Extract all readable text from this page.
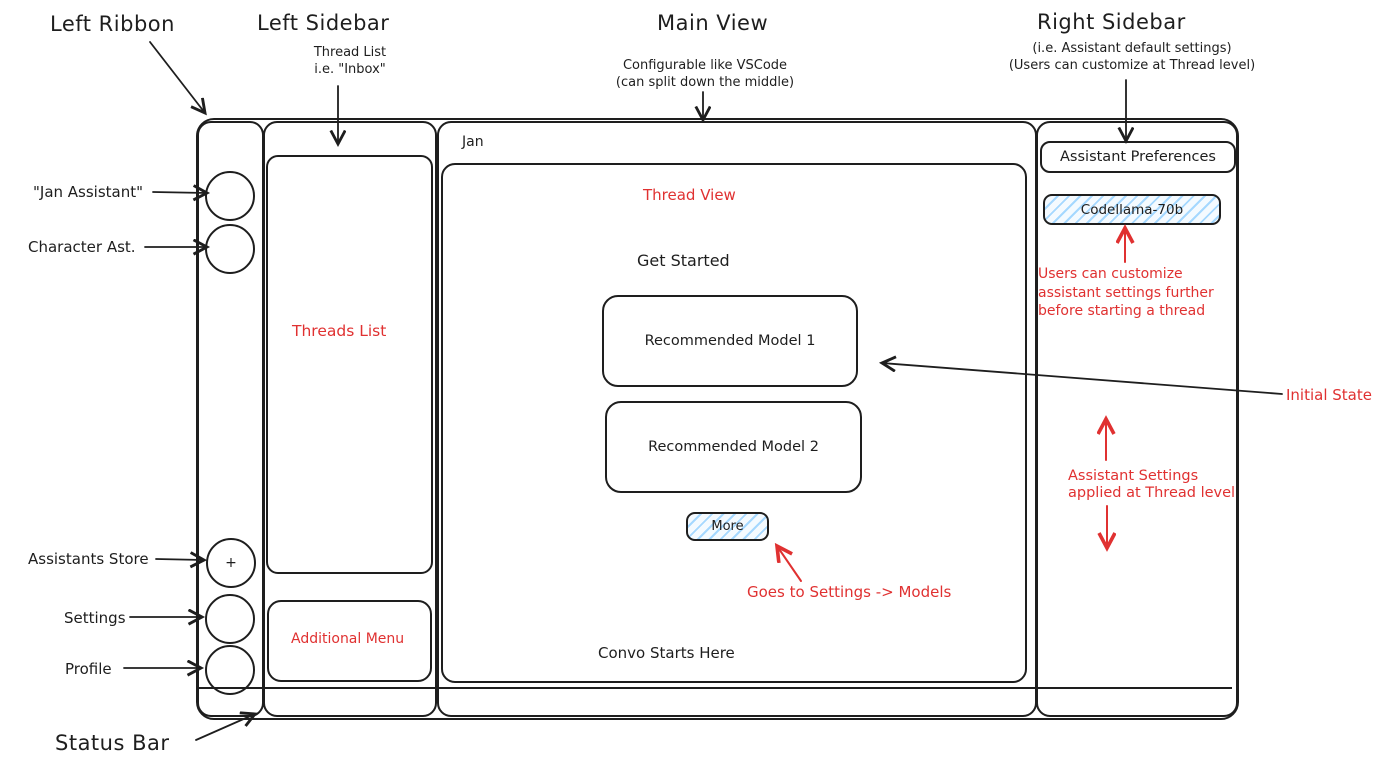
+
Threads List
Additional Menu
Jan
Thread View
Get Started
Recommended Model 1
Recommended Model 2
More
Convo Starts Here
Assistant Preferences
Codellama-70b
Left Ribbon	Left Sidebar
Thread List
i.e. "Inbox"
Main View
Configurable like VSCode
(can split down the middle)
Right Sidebar
(i.e. Assistant default settings)
(Users can customize at Thread level)
"Jan Assistant"
Character Ast.
Assistants Store
Settings
Profile
Status Bar
Users can customize
assistant settings further
before starting a thread
Initial State
Assistant Settings
applied at Thread level
Goes to Settings -> Models
